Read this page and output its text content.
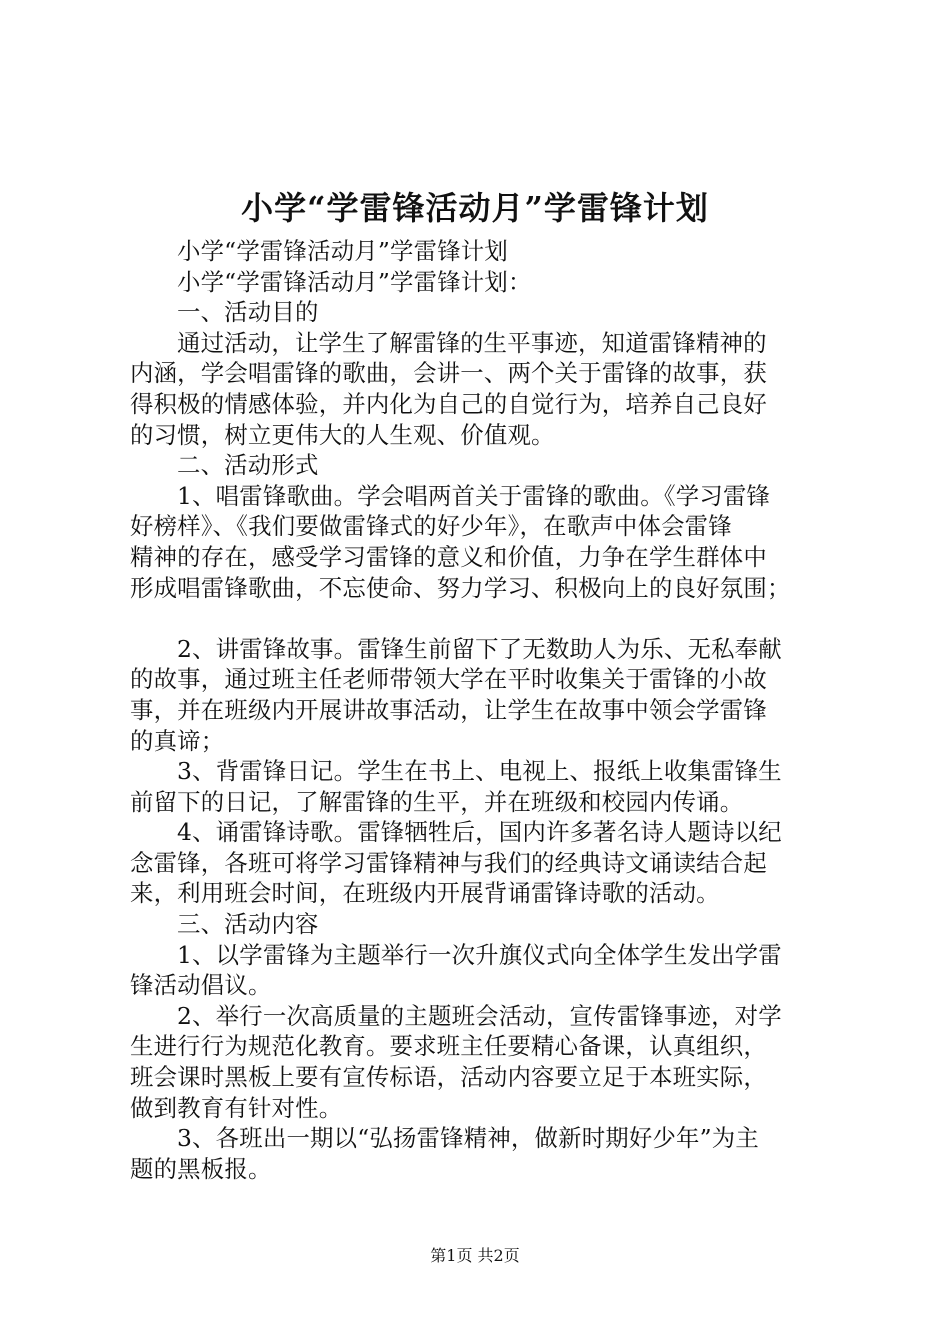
小学“学雷锋活动月”学雷锋计划
小学“学雷锋活动月”学雷锋计划
小学“学雷锋活动月”学雷锋计划：
一、活动目的
通过活动，让学生了解雷锋的生平事迹，知道雷锋精神的
内涵，学会唱雷锋的歌曲，会讲一、两个关于雷锋的故事，获
得积极的情感体验，并内化为自己的自觉行为，培养自己良好
的习惯，树立更伟大的人生观、价值观。
二、活动形式
1、唱雷锋歌曲。学会唱两首关于雷锋的歌曲。《学习雷锋
好榜样》、《我们要做雷锋式的好少年》，在歌声中体会雷锋
精神的存在，感受学习雷锋的意义和价值，力争在学生群体中
形成唱雷锋歌曲，不忘使命、努力学习、积极向上的良好氛围；
2、讲雷锋故事。雷锋生前留下了无数助人为乐、无私奉献
的故事，通过班主任老师带领大学在平时收集关于雷锋的小故
事，并在班级内开展讲故事活动，让学生在故事中领会学雷锋
的真谛；
3、背雷锋日记。学生在书上、电视上、报纸上收集雷锋生
前留下的日记，了解雷锋的生平，并在班级和校园内传诵。
4、诵雷锋诗歌。雷锋牺牲后，国内许多著名诗人题诗以纪
念雷锋，各班可将学习雷锋精神与我们的经典诗文诵读结合起
来，利用班会时间，在班级内开展背诵雷锋诗歌的活动。
三、活动内容
1、以学雷锋为主题举行一次升旗仪式向全体学生发出学雷
锋活动倡议。
2、举行一次高质量的主题班会活动，宣传雷锋事迹，对学
生进行行为规范化教育。要求班主任要精心备课，认真组织，
班会课时黑板上要有宣传标语，活动内容要立足于本班实际，
做到教育有针对性。
3、各班出一期以“弘扬雷锋精神，做新时期好少年”为主
题的黑板报。
第1页 共2页
